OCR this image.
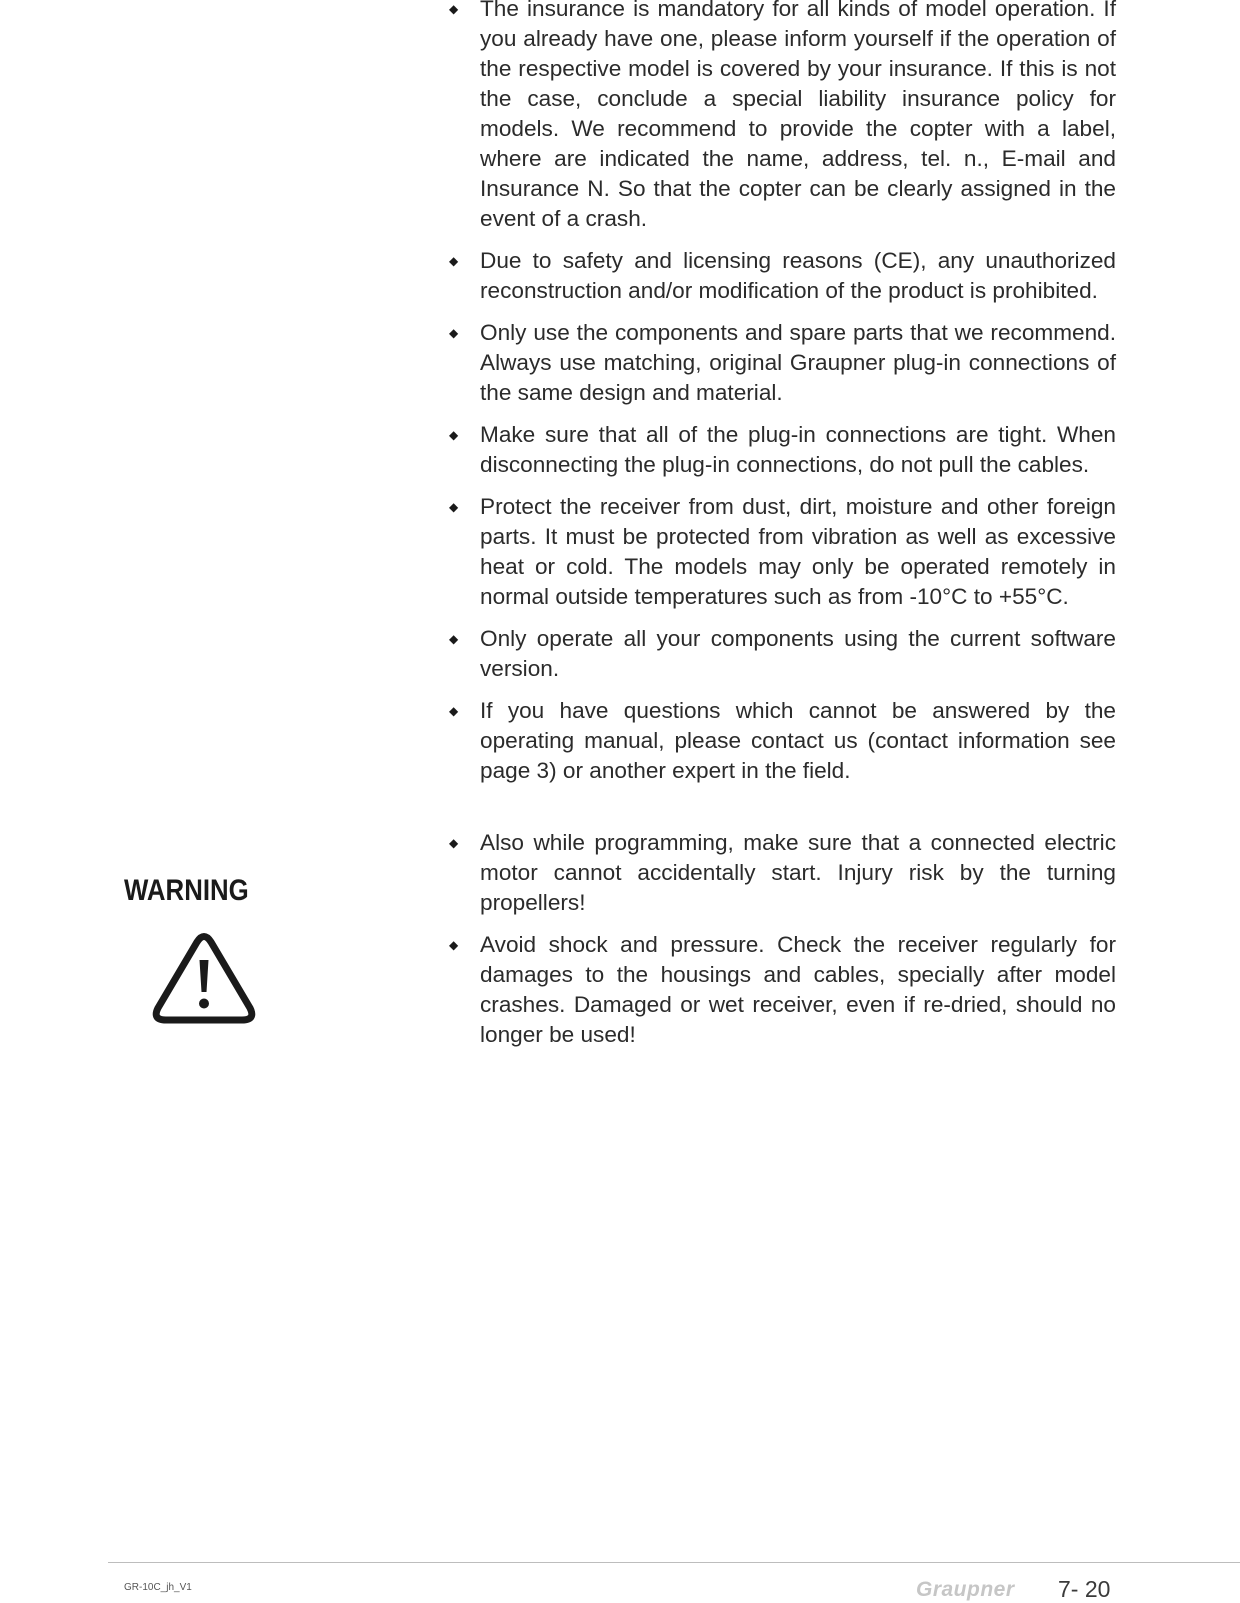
◆ The insurance is mandatory for all kinds of model operation. If you already have one, please inform yourself if the operation of the respective model is covered by your insurance. If this is not the case, conclude a special liability insurance policy for models. We recommend to provide the copter with a label, where are indicated the name, address, tel. n., E-mail and Insurance N. So that the copter can be clearly assigned in the event of a crash.
◆ Due to safety and licensing reasons (CE), any unauthorized reconstruction and/or modification of the product is prohibited.
◆ Only use the components and spare parts that we recommend. Always use matching, original Graupner plug-in connections of the same design and material.
◆ Make sure that all of the plug-in connections are tight. When disconnecting the plug-in connections, do not pull the cables.
◆ Protect the receiver from dust, dirt, moisture and other foreign parts. It must be protected from vibration as well as excessive heat or cold. The models may only be operated remotely in normal outside temperatures such as from -10°C to +55°C.
◆ Only operate all your components using the current software version.
◆ If you have questions which cannot be answered by the operating manual, please contact us (contact information see page 3) or another expert in the field.
◆ Also while programming, make sure that a connected electric motor cannot accidentally start. Injury risk by the turning propellers!
◆ Avoid shock and pressure. Check the receiver regularly for damages to the housings and cables, specially after model crashes. Damaged or wet receiver, even if re-dried, should no longer be used!
WARNING
GR-10C_jh_V1	Graupner 7- 20
